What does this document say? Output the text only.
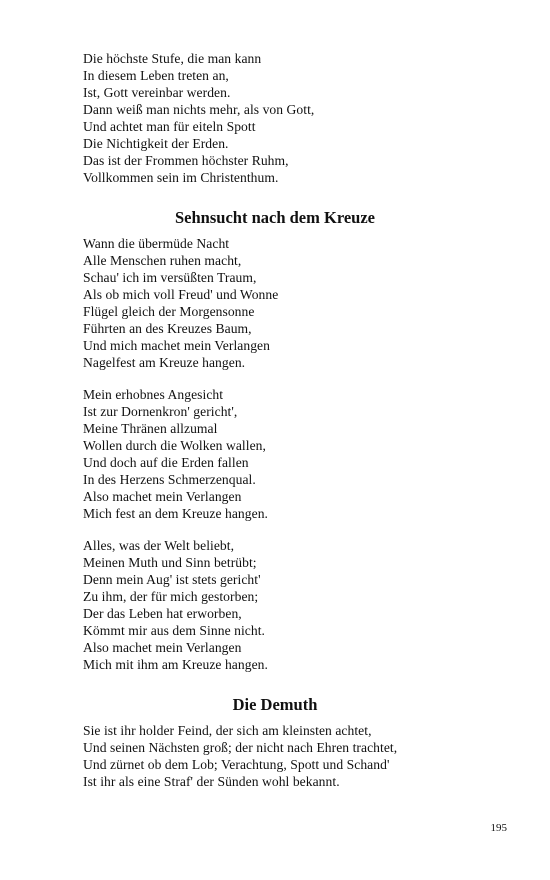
Die höchste Stufe, die man kann
In diesem Leben treten an,
Ist, Gott vereinbar werden.
Dann weiß man nichts mehr, als von Gott,
Und achtet man für eiteln Spott
Die Nichtigkeit der Erden.
Das ist der Frommen höchster Ruhm,
Vollkommen sein im Christenthum.
Sehnsucht nach dem Kreuze
Wann die übermüde Nacht
Alle Menschen ruhen macht,
Schau' ich im versüßten Traum,
Als ob mich voll Freud' und Wonne
Flügel gleich der Morgensonne
Führten an des Kreuzes Baum,
Und mich machet mein Verlangen
Nagelfest am Kreuze hangen.
Mein erhobnes Angesicht
Ist zur Dornenkron' gericht',
Meine Thränen allzumal
Wollen durch die Wolken wallen,
Und doch auf die Erden fallen
In des Herzens Schmerzenqual.
Also machet mein Verlangen
Mich fest an dem Kreuze hangen.
Alles, was der Welt beliebt,
Meinen Muth und Sinn betrübt;
Denn mein Aug' ist stets gericht'
Zu ihm, der für mich gestorben;
Der das Leben hat erworben,
Kömmt mir aus dem Sinne nicht.
Also machet mein Verlangen
Mich mit ihm am Kreuze hangen.
Die Demuth
Sie ist ihr holder Feind, der sich am kleinsten achtet,
Und seinen Nächsten groß; der nicht nach Ehren trachtet,
Und zürnet ob dem Lob; Verachtung, Spott und Schand'
Ist ihr als eine Straf' der Sünden wohl bekannt.
195
